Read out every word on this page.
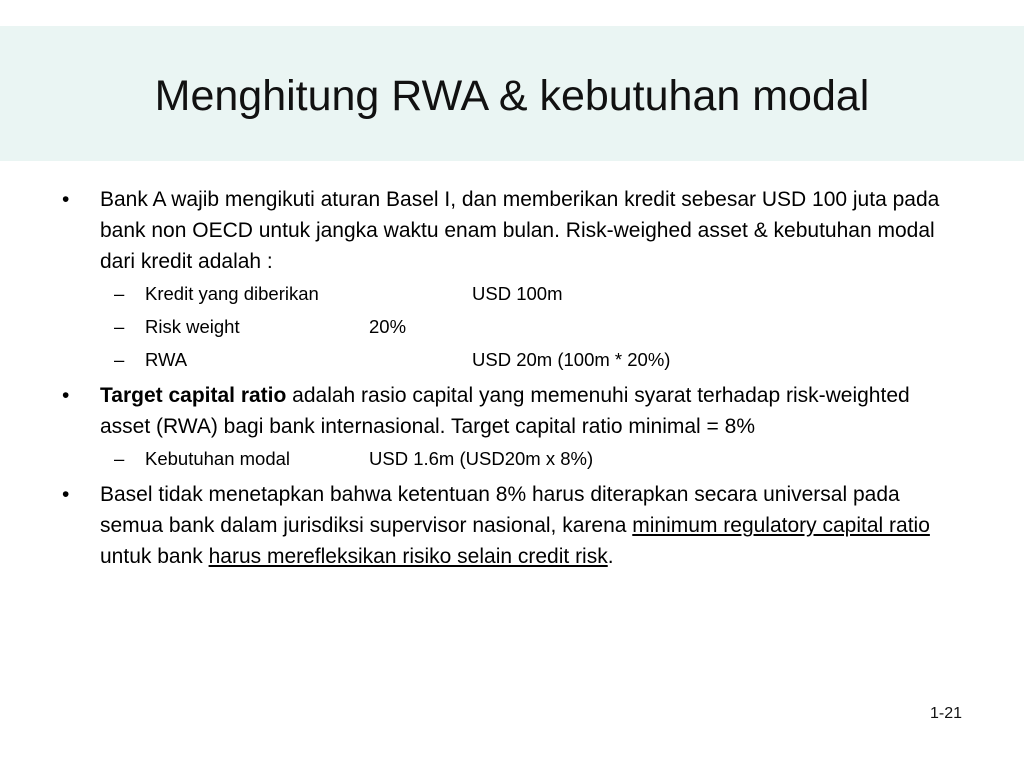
Menghitung RWA & kebutuhan modal
•	Bank A wajib mengikuti aturan Basel I, dan memberikan kredit sebesar USD 100 juta pada bank non OECD untuk jangka waktu enam bulan. Risk-weighed asset & kebutuhan modal dari kredit adalah :
– Kredit yang diberikan	USD 100m
– Risk weight	20%
– RWA	USD 20m (100m * 20%)
•	Target capital ratio adalah rasio capital yang memenuhi syarat terhadap risk-weighted asset (RWA) bagi bank internasional. Target capital ratio minimal = 8%
– Kebutuhan modal	USD 1.6m (USD20m x 8%)
•	Basel tidak menetapkan bahwa ketentuan 8% harus diterapkan secara universal pada semua bank dalam jurisdiksi supervisor nasional, karena minimum regulatory capital ratio untuk bank harus merefleksikan risiko selain credit risk.
1-21
